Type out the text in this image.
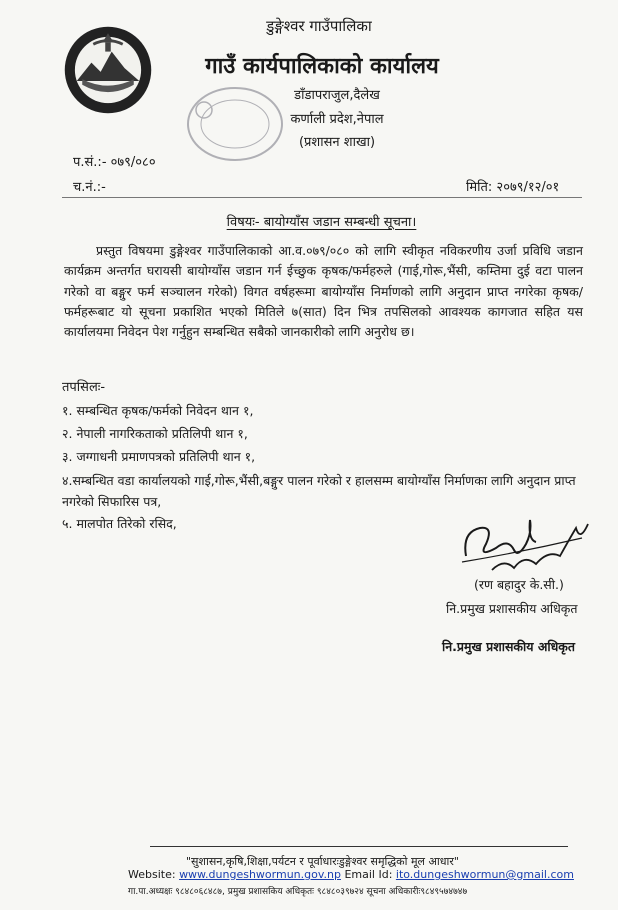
डुङ्गेश्वर गाउँपालिका
गाउँ कार्यपालिकाको कार्यालय
डाँडापराजुल,दैलेख
कर्णाली प्रदेश,नेपाल
(प्रशासन शाखा)
प.सं.:- ०७९/०८०
च.नं.:-	मिति: २०७९/१२/०१
विषयः- बायोग्याँस जडान सम्बन्धी सूचना।

प्रस्तुत विषयमा डुङ्गेश्वर गाउँपालिकाको आ.व.०७९/०८० को लागि स्वीकृत नविकरणीय उर्जा प्रविधि जडान कार्यक्रम अन्तर्गत घरायसी बायोग्याँस जडान गर्न ईच्छुक कृषक/फर्महरुले (गाई,गोरू,भैंसी, कम्तिमा दुई वटा पालन गरेको वा बङ्गुर फर्म सञ्चालन गरेको) विगत वर्षहरूमा बायोग्याँस निर्माणको लागि अनुदान प्राप्त नगरेका कृषक/फर्महरूबाट यो सूचना प्रकाशित भएको मितिले ७(सात) दिन भित्र तपसिलको आवश्यक कागजात सहित यस कार्यालयमा निवेदन पेश गर्नुहुन सम्बन्धित सबैको जानकारीको लागि अनुरोध छ।

तपसिलः-
१. सम्बन्धित कृषक/फर्मको निवेदन थान १,
२. नेपाली नागरिकताको प्रतिलिपी थान १,
३. जग्गाधनी प्रमाणपत्रको प्रतिलिपी थान १,
४.सम्बन्धित वडा कार्यालयको गाई,गोरू,भैंसी,बङ्गुर पालन गरेको र हालसम्म बायोग्याँस निर्माणका लागि अनुदान प्राप्त नगरेको सिफारिस पत्र,
५. मालपोत तिरेको रसिद,
(रण बहादुर के.सी.)
नि.प्रमुख प्रशासकीय अधिकृत
नि.प्रमुख प्रशासकीय अधिकृत
"सुशासन,कृषि,शिक्षा,पर्यटन र पूर्वाधारःडुङ्गेश्वर समृद्धिको मूल आधार"
Website: www.dungeshwormun.gov.np Email Id: ito.dungeshwormun@gmail.com
गा.पा.अध्यक्षः ९८४८०६८४८७, प्रमुख प्रशासकिय अधिकृतः ९८४८०३९७२४ सूचना अधिकारीः९८४९५७४७४७
